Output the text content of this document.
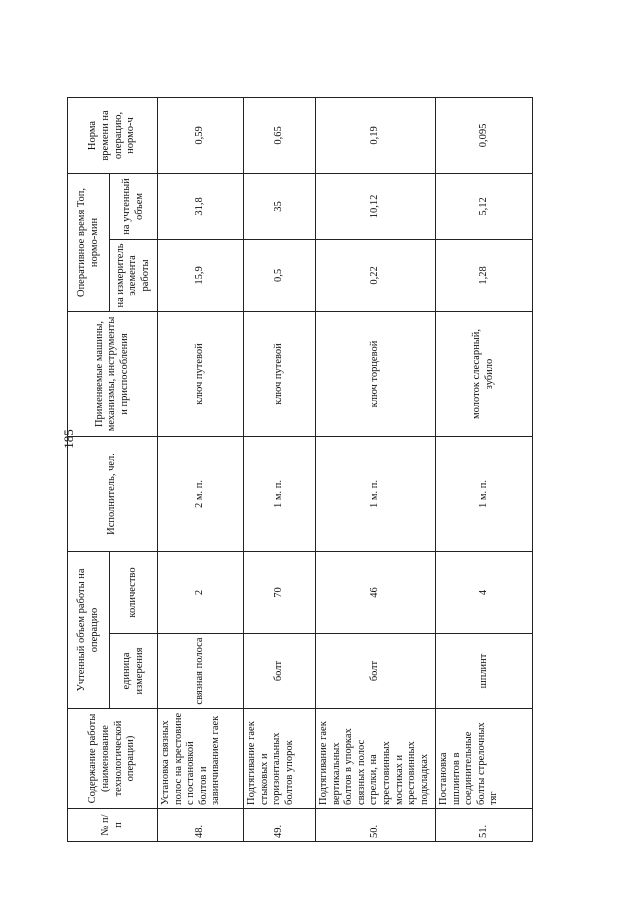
185
№ п/п	Содержание работы (наименование технологической операции)	Учтенный объем работы на операцию		Исполнитель, чел.	Применяемые машины, механизмы, инструменты и приспособления	Оперативное время Топ, нормо-мин		Норма времени на операцию, нормо-ч
		единица измерения	количество			на измеритель элемента работы	на учтенный объем	
48.	Установка связных полос на крестовине с постановкой болтов и завинчиванием гаек	связная полоса	2	2 м. п.	ключ путевой	15,9	31,8	0,59
49.	Подтягивание гаек стыковых и горизонтальных болтов упорок	болт	70	1 м. п.	ключ путевой	0,5	35	0,65
50.	Подтягивание гаек вертикальных болтов в упорках связных полос стрелки, на крестовинных мостиках и крестовинных подкладках	болт	46	1 м. п.	ключ торцевой	0,22	10,12	0,19
51.	Постановка шплинтов в соединительные болты стрелочных тяг	шплинт	4	1 м. п.	молоток слесарный, зубило	1,28	5,12	0,095
